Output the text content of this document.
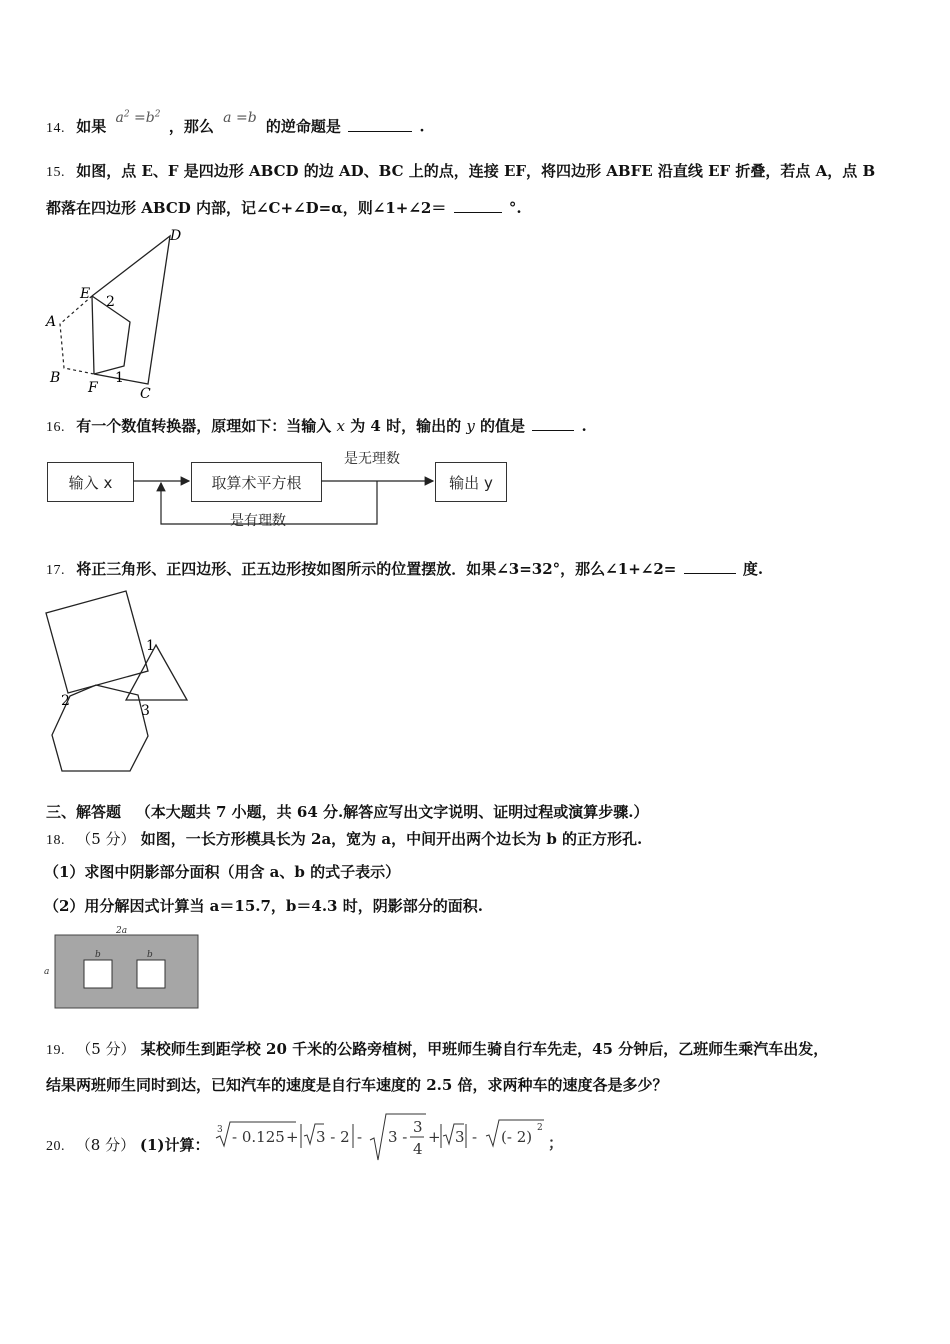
14. 如果 $a^2 =b^2$ ，那么 a =b 的逆命题是	.
15. 如图，点 E、F 是四边形 ABCD 的边 AD、BC 上的点，连接 EF，将四边形 ABFE 沿直线 EF 折叠，若点 A，点 B
都落在四边形 ABCD 内部，记∠C+∠D=α，则∠1+∠2＝	°.
D
E 2
A
B
F
1
C
16. 有一个数值转换器，原理如下：当输入 x 为 4 时，输出的 y 的值是	.
输入 x	取算术平方根	输出 y
是无理数
是有理数
17. 将正三角形、正四边形、正五边形按如图所示的位置摆放．如果∠3=32°，那么∠1+∠2=	度.
1
2
3
三、解答题 （本大题共 7 小题，共 64 分.解答应写出文字说明、证明过程或演算步骤.）
18. （5 分） 如图，一长方形模具长为 2a，宽为 a，中间开出两个边长为 b 的正方形孔.
（1）求图中阴影部分面积（用含 a、b 的式子表示）
（2）用分解因式计算当 a＝15.7，b＝4.3 时，阴影部分的面积.
2a
a
b	b
19. （5 分） 某校师生到距学校 20 千米的公路旁植树，甲班师生骑自行车先走，45 分钟后，乙班师生乘汽车出发，
结果两班师生同时到达，已知汽车的速度是自行车速度的 2.5 倍，求两种车的速度各是多少？
20. （8 分） (1)计算：
3 - 0.125 + 3 - 2 - 3 -
3
4
+ 3 - (- 2) 2
；
